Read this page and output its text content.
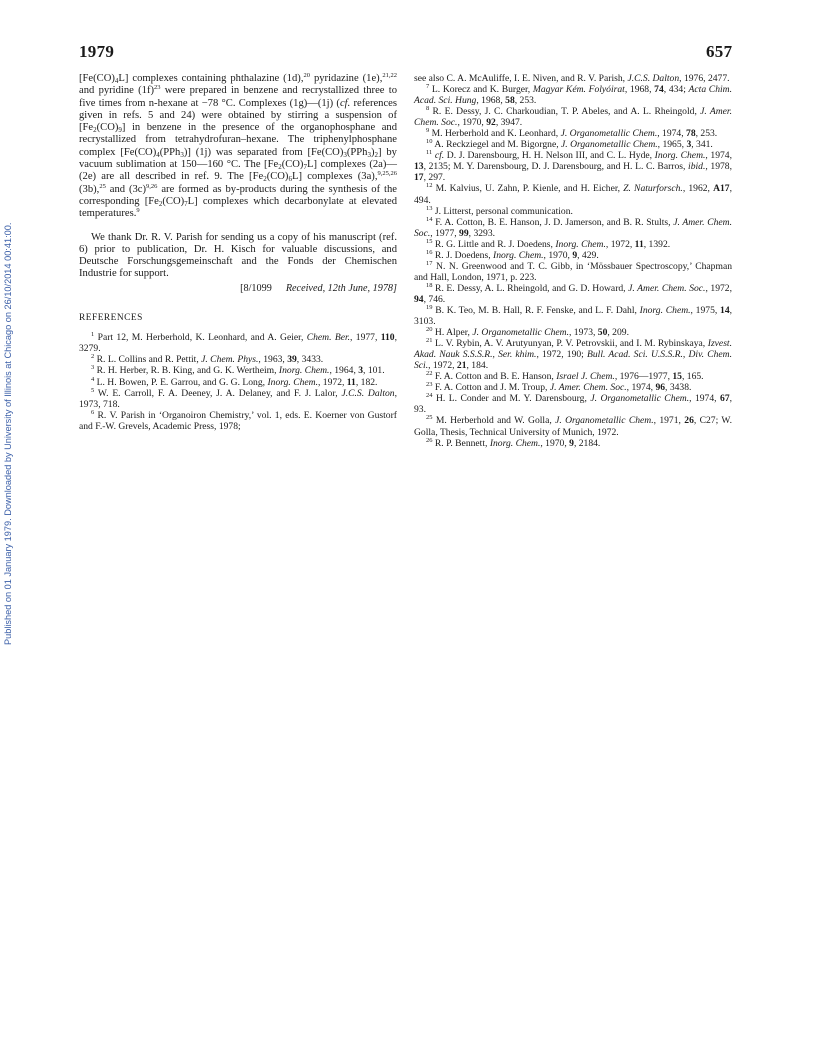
1979	657
Published on 01 January 1979. Downloaded by University of Illinois at Chicago on 26/10/2014 00:41:00.

$[Fe(CO)_4L]$ complexes containing phthalazine (1d),$^{20}$ pyridazine (1e),$^{21,22}$ and pyridine $(1f)^{23}$ were prepared in benzene and recrystallized three to five times from n-hexane at −78 °C. Complexes (1g)—(1j) (cf. references given in refs. 5 and 24) were obtained by stirring a suspension of $[Fe_2(CO)_9]$ in benzene in the presence of the organophosphane and recrystallized from tetrahydrofuran–hexane. The triphenylphosphane complex $[Fe(CO)_4(PPh_3)]$ (1j) was separated from $[Fe(CO)_3(PPh_3)_2]$ by vacuum sublimation at 150—160 °C. The $[Fe_2(CO)_7L]$ complexes (2a)—(2e) are all described in ref. 9. The $[Fe_2(CO)_6L]$ complexes (3a),$^{9,25,26}$ (3b),$^{25}$ and $(3c)^{9,26}$ are formed as by-products during the synthesis of the corresponding $[Fe_2(CO)_7L]$ complexes which decarbonylate at elevated temperatures.$^9$

We thank Dr. R. V. Parish for sending us a copy of his manuscript (ref. 6) prior to publication, Dr. H. Kisch for valuable discussions, and Deutsche Forschungsgemeinschaft and the Fonds der Chemischen Industrie for support.

[8/1099 Received, 12th June, 1978]
REFERENCES

$^1$ Part 12, M. Herberhold, K. Leonhard, and A. Geier, Chem. Ber., 1977, 110, 3279.

$^2$ R. L. Collins and R. Pettit, J. Chem. Phys., 1963, 39, 3433.

$^3$ R. H. Herber, R. B. King, and G. K. Wertheim, Inorg. Chem., 1964, 3, 101.

$^4$ L. H. Bowen, P. E. Garrou, and G. G. Long, Inorg. Chem., 1972, 11, 182.

$^5$ W. E. Carroll, F. A. Deeney, J. A. Delaney, and F. J. Lalor, J.C.S. Dalton, 1973, 718.

$^6$ R. V. Parish in ‘Organoiron Chemistry,’ vol. 1, eds. E. Koerner von Gustorf and F.-W. Grevels, Academic Press, 1978;

see also C. A. McAuliffe, I. E. Niven, and R. V. Parish, J.C.S. Dalton, 1976, 2477.

$^7$ L. Korecz and K. Burger, Magyar Kém. Folyóirat, 1968, 74, 434; Acta Chim. Acad. Sci. Hung, 1968, 58, 253.

$^8$ R. E. Dessy, J. C. Charkoudian, T. P. Abeles, and A. L. Rheingold, J. Amer. Chem. Soc., 1970, 92, 3947.

$^9$ M. Herberhold and K. Leonhard, J. Organometallic Chem., 1974, 78, 253.

$^{10}$ A. Reckziegel and M. Bigorgne, J. Organometallic Chem., 1965, 3, 341.

$^{11}$ cf. D. J. Darensbourg, H. H. Nelson III, and C. L. Hyde, Inorg. Chem., 1974, 13, 2135; M. Y. Darensbourg, D. J. Darensbourg, and H. L. C. Barros, ibid., 1978, 17, 297.

$^{12}$ M. Kalvius, U. Zahn, P. Kienle, and H. Eicher, Z. Naturforsch., 1962, A17, 494.

$^{13}$ J. Litterst, personal communication.

$^{14}$ F. A. Cotton, B. E. Hanson, J. D. Jamerson, and B. R. Stults, J. Amer. Chem. Soc., 1977, 99, 3293.

$^{15}$ R. G. Little and R. J. Doedens, Inorg. Chem., 1972, 11, 1392.

$^{16}$ R. J. Doedens, Inorg. Chem., 1970, 9, 429.

$^{17}$ N. N. Greenwood and T. C. Gibb, in ‘Mössbauer Spectroscopy,’ Chapman and Hall, London, 1971, p. 223.

$^{18}$ R. E. Dessy, A. L. Rheingold, and G. D. Howard, J. Amer. Chem. Soc., 1972, 94, 746.

$^{19}$ B. K. Teo, M. B. Hall, R. F. Fenske, and L. F. Dahl, Inorg. Chem., 1975, 14, 3103.

$^{20}$ H. Alper, J. Organometallic Chem., 1973, 50, 209.

$^{21}$ L. V. Rybin, A. V. Arutyunyan, P. V. Petrovskii, and I. M. Rybinskaya, Izvest. Akad. Nauk S.S.S.R., Ser. khim., 1972, 190; Bull. Acad. Sci. U.S.S.R., Div. Chem. Sci., 1972, 21, 184.

$^{22}$ F. A. Cotton and B. E. Hanson, Israel J. Chem., 1976—1977, 15, 165.

$^{23}$ F. A. Cotton and J. M. Troup, J. Amer. Chem. Soc., 1974, 96, 3438.

$^{24}$ H. L. Conder and M. Y. Darensbourg, J. Organometallic Chem., 1974, 67, 93.

$^{25}$ M. Herberhold and W. Golla, J. Organometallic Chem., 1971, 26, C27; W. Golla, Thesis, Technical University of Munich, 1972.

$^{26}$ R. P. Bennett, Inorg. Chem., 1970, 9, 2184.
